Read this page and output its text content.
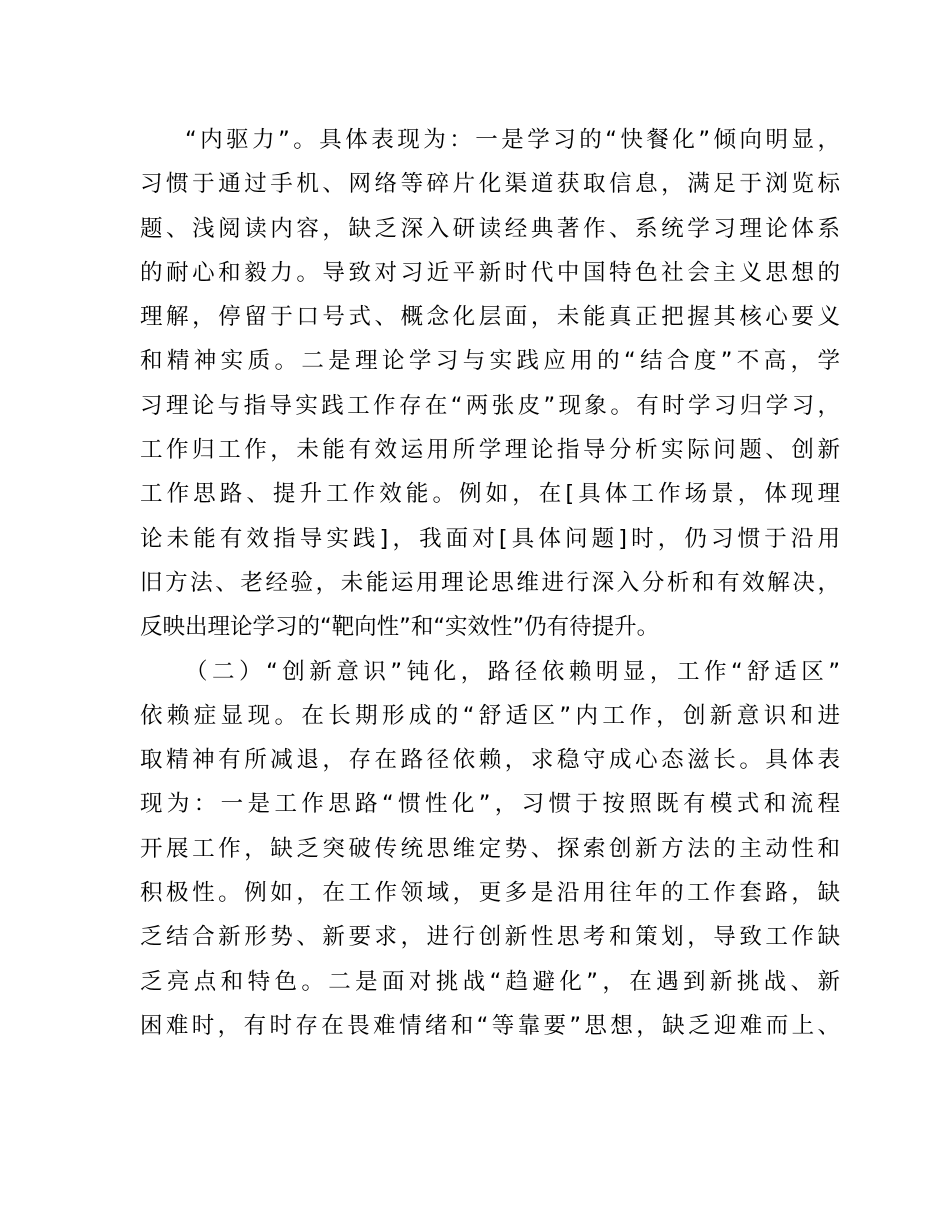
“内驱力”。具体表现为：一是学习的“快餐化”倾向明显，
习惯于通过手机、网络等碎片化渠道获取信息，满足于浏览标
题、浅阅读内容，缺乏深入研读经典著作、系统学习理论体系
的耐心和毅力。导致对习近平新时代中国特色社会主义思想的
理解，停留于口号式、概念化层面，未能真正把握其核心要义
和精神实质。二是理论学习与实践应用的“结合度”不高，学
习理论与指导实践工作存在“两张皮”现象。有时学习归学习，
工作归工作，未能有效运用所学理论指导分析实际问题、创新
工作思路、提升工作效能。例如，在[具体工作场景，体现理
论未能有效指导实践]，我面对[具体问题]时，仍习惯于沿用
旧方法、老经验，未能运用理论思维进行深入分析和有效解决，
反映出理论学习的“靶向性”和“实效性”仍有待提升。
（二）“创新意识”钝化，路径依赖明显，工作“舒适区”
依赖症显现。在长期形成的“舒适区”内工作，创新意识和进
取精神有所减退，存在路径依赖，求稳守成心态滋长。具体表
现为：一是工作思路“惯性化”，习惯于按照既有模式和流程
开展工作，缺乏突破传统思维定势、探索创新方法的主动性和
积极性。例如，在工作领域，更多是沿用往年的工作套路，缺
乏结合新形势、新要求，进行创新性思考和策划，导致工作缺
乏亮点和特色。二是面对挑战“趋避化”，在遇到新挑战、新
困难时，有时存在畏难情绪和“等靠要”思想，缺乏迎难而上、
